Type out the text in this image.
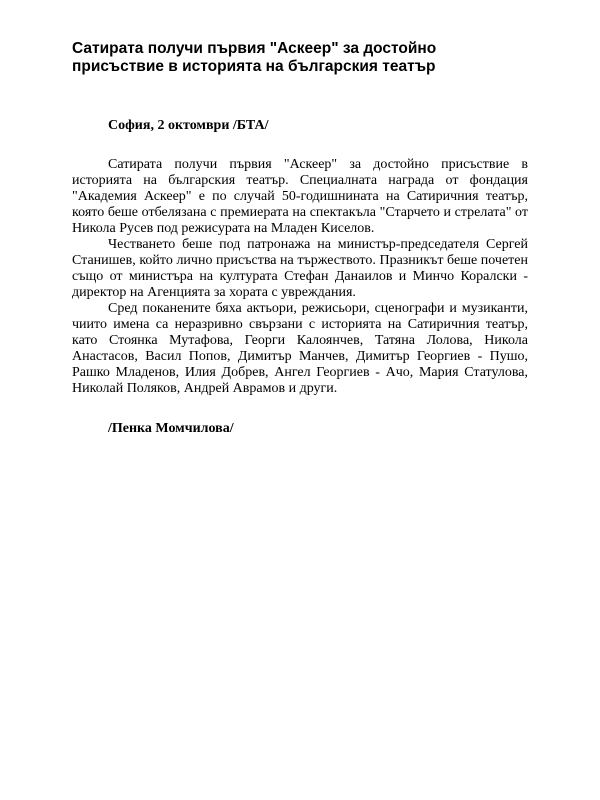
Сатирата получи първия "Аскеер" за достойно присъствие в историята на българския театър

София, 2 октомври /БТА/

Сатирата получи първия "Аскеер" за достойно присъствие в историята на българския театър. Специалната награда от фондация "Академия Аскеер" е по случай 50-годишнината на Сатиричния театър, която беше отбелязана с премиерата на спектакъла "Старчето и стрелата" от Никола Русев под режисурата на Младен Киселов.

Честването беше под патронажа на министър-председателя Сергей Станишев, който лично присъства на тържеството. Празникът беше почетен също от министъра на културата Стефан Данаилов и Минчо Коралски - директор на Агенцията за хората с увреждания.

Сред поканените бяха актьори, режисьори, сценографи и музиканти, чиито имена са неразривно свързани с историята на Сатиричния театър, като Стоянка Мутафова, Георги Калоянчев, Татяна Лолова, Никола Анастасов, Васил Попов, Димитър Манчев, Димитър Георгиев - Пушо, Рашко Младенов, Илия Добрев, Ангел Георгиев - Ачо, Мария Статулова, Николай Поляков, Андрей Аврамов и други.

/Пенка Момчилова/
